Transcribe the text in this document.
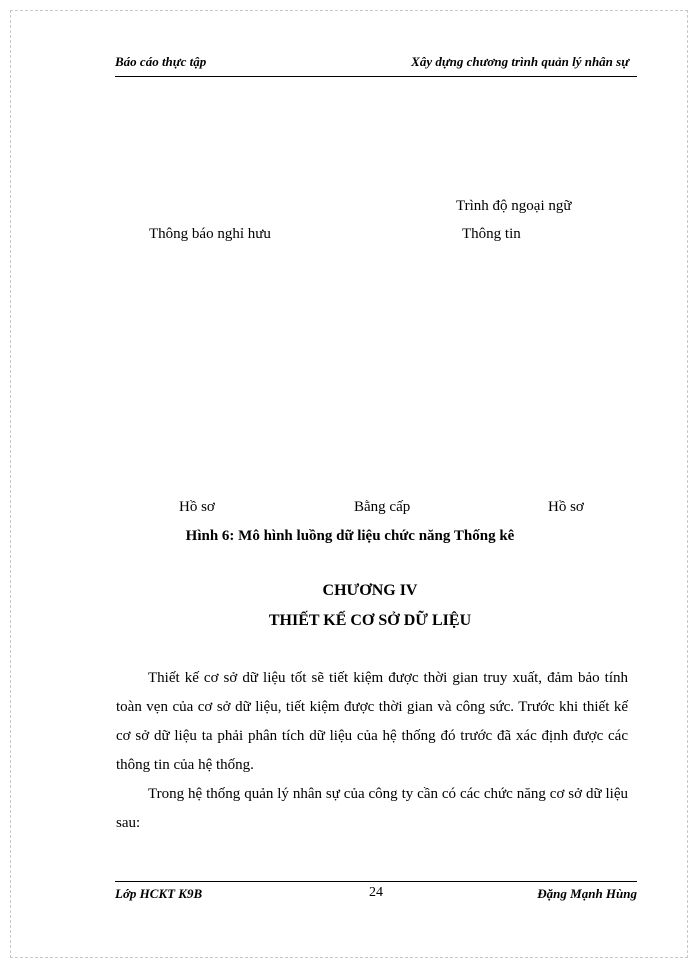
Báo cáo thực tập	Xây dựng chương trình quản lý nhân sự
Trình độ ngoại ngữ
Thông báo nghỉ hưu	Thông tin
Hồ sơ	Bằng cấp	Hồ sơ
Hình 6: Mô hình luồng dữ liệu chức năng Thống kê
CHƯƠNG IV
THIẾT KẾ CƠ SỞ DỮ LIỆU

Thiết kế cơ sở dữ liệu tốt sẽ tiết kiệm được thời gian truy xuất, đảm bảo tính toàn vẹn của cơ sở dữ liệu, tiết kiệm được thời gian và công sức. Trước khi thiết kế cơ sở dữ liệu ta phải phân tích dữ liệu của hệ thống đó trước đã xác định được các thông tin của hệ thống.

Trong hệ thống quản lý nhân sự của công ty cần có các chức năng cơ sở dữ liệu sau:

Lớp HCKT K9B	24	Đặng Mạnh Hùng
